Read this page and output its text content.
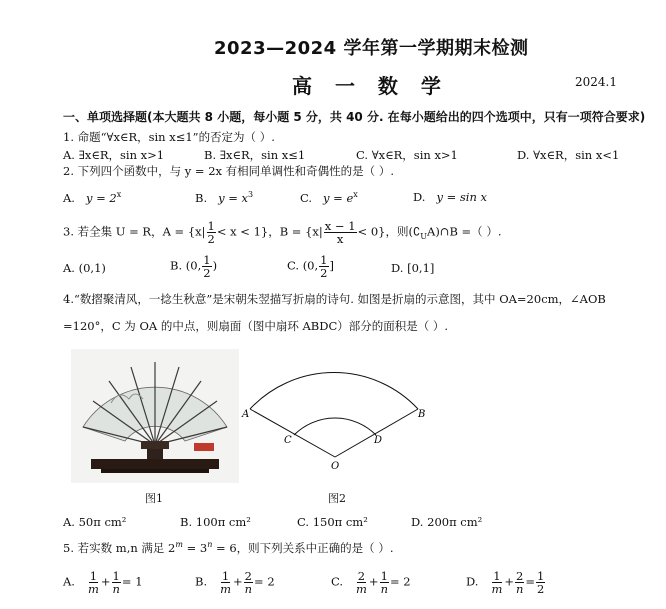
2023—2024 学年第一学期期末检测
高 一 数 学	2024.1
一、单项选择题(本大题共 8 小题，每小题 5 分，共 40 分. 在每小题给出的四个选项中，只有一项符合要求)
1. 命题“∀x∈R，sin x≤1”的否定为（ ）.
A. ∃x∈R，sin x>1	B. ∃x∈R，sin x≤1	C. ∀x∈R，sin x>1	D. ∀x∈R，sin x<1
2. 下列四个函数中，与 y = 2x 有相同单调性和奇偶性的是（ ）.
A. $y = 2^x$	B. $y = x^3$	C. $y = e^x$	D. y = sin x
3. 若全集 U = R，$A = \{x| \frac{1}{2} < x < 1\}$，$B = \{x| \frac{x - 1}{x} < 0\}$，则$(∁_UA)\cap B$ =（ ）.
A. (0,1)	B. (0, $\frac{1}{2}$ )	C. (0, $\frac{1}{2}$ ]	D. [0,1]
4.“数摺聚清风，一捻生秋意”是宋朝朱翌描写折扇的诗句. 如图是折扇的示意图，其中 OA=20cm，∠AOB
=120°，C 为 OA 的中点，则扇面（图中扇环 ABDC）部分的面积是（ ）.
图1
A	B
C	D
O
图2
A. 50π cm²	B. 100π cm²	C. 150π cm²	D. 200π cm²
5. 若实数 m,n 满足 $2^m = 3^n = 6$，则下列关系中正确的是（ ）.
A. $\frac{1}{m} + \frac{1}{n} = 1$	B. $\frac{1}{m} + \frac{2}{n} = 2$	C. $\frac{2}{m} + \frac{1}{n} = 2$	D. $\frac{1}{m} + \frac{2}{n} = \frac{1}{2}$
